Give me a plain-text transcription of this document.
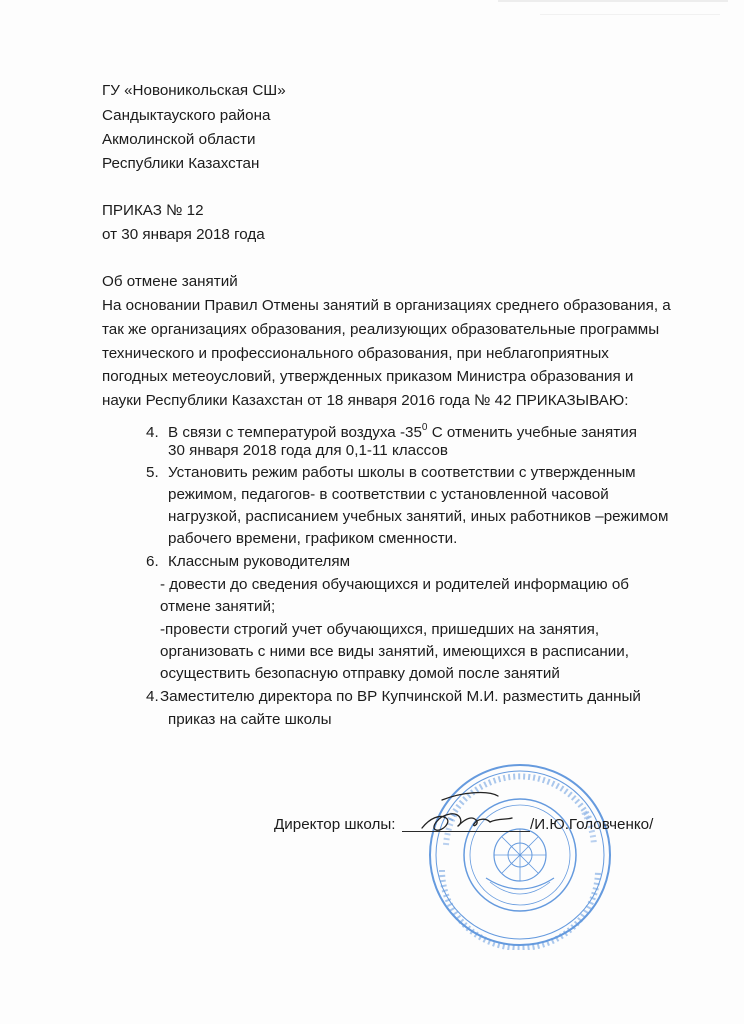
ГУ «Новоникольская СШ»
Сандыктауского района
Акмолинской области
Республики Казахстан
ПРИКАЗ № 12
от 30 января 2018 года
Об отмене занятий
На основании Правил Отмены занятий в организациях среднего образования, а
так же организациях образования, реализующих образовательные программы
технического и профессионального образования, при неблагоприятных
погодных метеоусловий, утвержденных приказом Министра образования и
науки Республики Казахстан от 18 января 2016 года № 42 ПРИКАЗЫВАЮ:
4. В связи с температурой воздуха $-35^0$ С отменить учебные занятия
30 января 2018 года для 0,1-11 классов
5. Установить режим работы школы в соответствии с утвержденным
режимом, педагогов- в соответствии с установленной часовой
нагрузкой, расписанием учебных занятий, иных работников –режимом
рабочего времени, графиком сменности.
6. Классным руководителям
- довести до сведения обучающихся и родителей информацию об
отмене занятий;
-провести строгий учет обучающихся, пришедших на занятия,
организовать с ними все виды занятий, имеющихся в расписании,
осуществить безопасную отправку домой после занятий
4.Заместителю директора по ВР Купчинской М.И. разместить данный
приказ на сайте школы
Директор школы:	/И.Ю.Головченко/
